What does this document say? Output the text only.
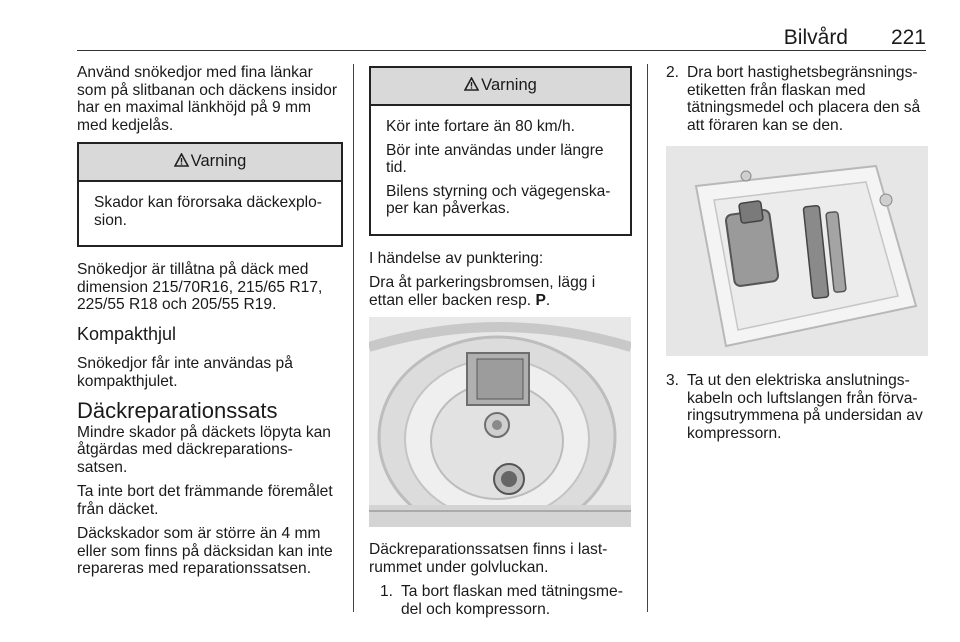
Bilvård 221

Använd snökedjor med fina länkar som på slitbanan och däckens insidor har en maximal länkhöjd på 9 mm med kedjelås.

Varning

Skador kan förorsaka däckexplo-sion.

Snökedjor är tillåtna på däck med dimension 215/70R16, 215/65 R17, 225/55 R18 och 205/55 R19.

Kompakthjul

Snökedjor får inte användas på kompakthjulet.

Däckreparationssats

Mindre skador på däckets löpyta kan åtgärdas med däckreparations-satsen.

Ta inte bort det främmande föremålet från däcket.

Däckskador som är större än 4 mm eller som finns på däcksidan kan inte repareras med reparationssatsen.

Varning

Kör inte fortare än 80 km/h.

Bör inte användas under längre tid.

Bilens styrning och vägegenska-per kan påverkas.

I händelse av punktering:

Dra åt parkeringsbromsen, lägg i ettan eller backen resp. P.

Däckreparationssatsen finns i last-rummet under golvluckan.

1. Ta bort flaskan med tätningsme-del och kompressorn.
2. Dra bort hastighetsbegränsnings-etiketten från flaskan med tätningsmedel och placera den så att föraren kan se den.
3. Ta ut den elektriska anslutnings-kabeln och luftslangen från förva-ringsutrymmena på undersidan av kompressorn.
